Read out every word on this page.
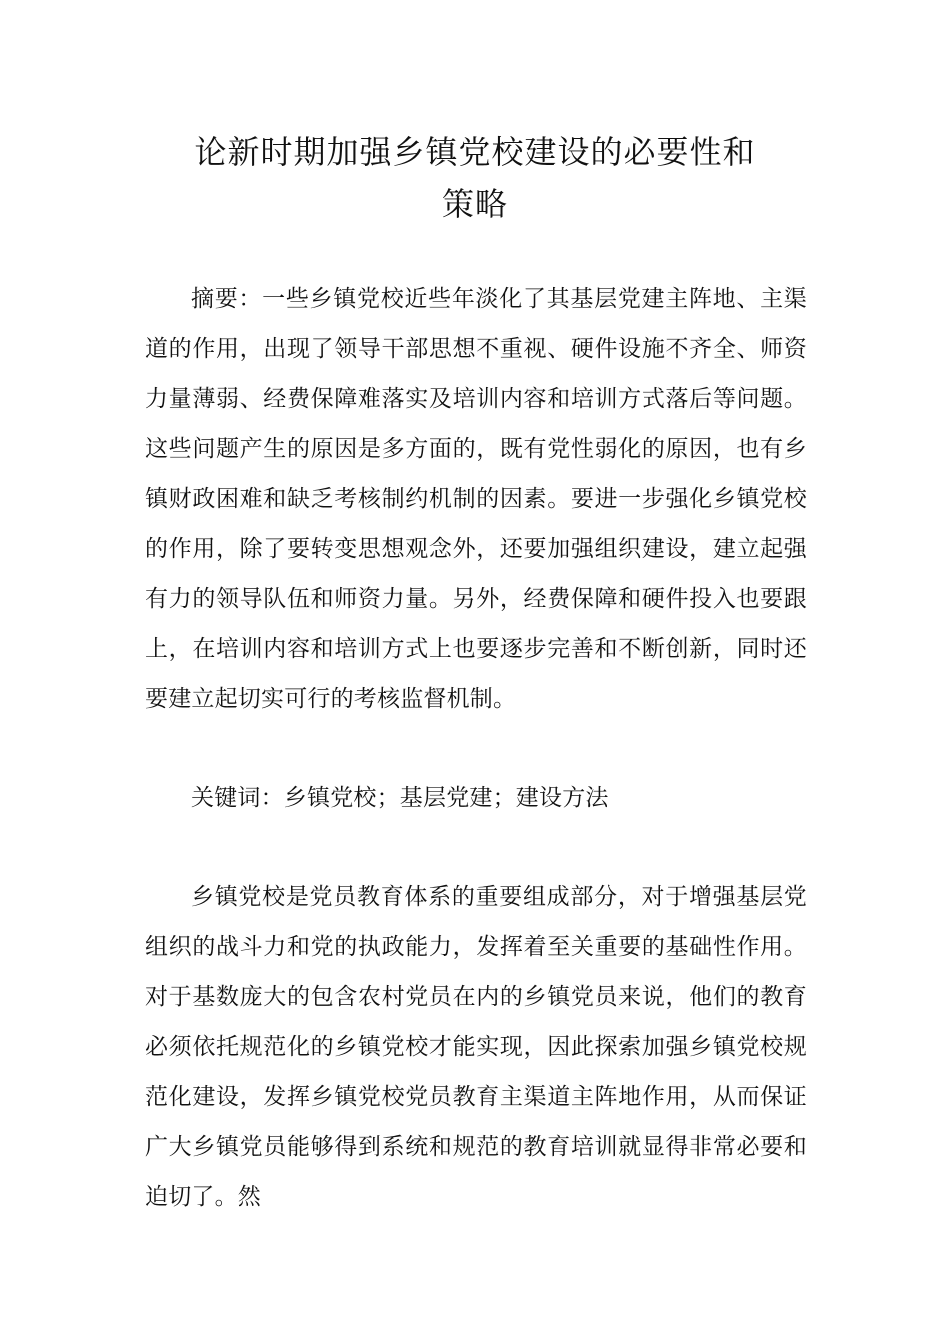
论新时期加强乡镇党校建设的必要性和
策略

摘要：一些乡镇党校近些年淡化了其基层党建主阵地、主渠道的作用，出现了领导干部思想不重视、硬件设施不齐全、师资力量薄弱、经费保障难落实及培训内容和培训方式落后等问题。这些问题产生的原因是多方面的，既有党性弱化的原因，也有乡镇财政困难和缺乏考核制约机制的因素。要进一步强化乡镇党校的作用，除了要转变思想观念外，还要加强组织建设，建立起强有力的领导队伍和师资力量。另外，经费保障和硬件投入也要跟上，在培训内容和培训方式上也要逐步完善和不断创新，同时还要建立起切实可行的考核监督机制。

关键词：乡镇党校；基层党建；建设方法

乡镇党校是党员教育体系的重要组成部分，对于增强基层党组织的战斗力和党的执政能力，发挥着至关重要的基础性作用。对于基数庞大的包含农村党员在内的乡镇党员来说，他们的教育必须依托规范化的乡镇党校才能实现，因此探索加强乡镇党校规范化建设，发挥乡镇党校党员教育主渠道主阵地作用，从而保证广大乡镇党员能够得到系统和规范的教育培训就显得非常必要和迫切了。然
